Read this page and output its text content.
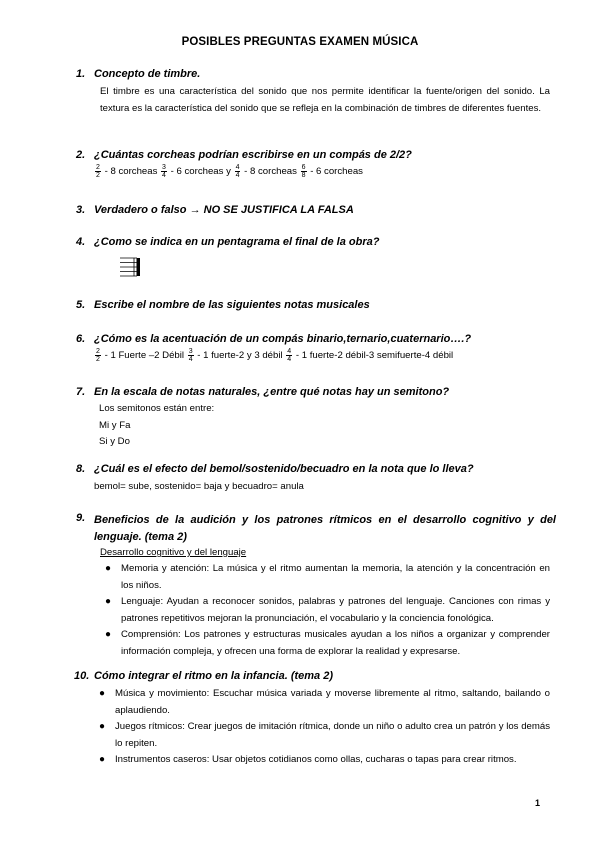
POSIBLES PREGUNTAS EXAMEN MÚSICA
1. Concepto de timbre.
El timbre es una característica del sonido que nos permite identificar la fuente/origen del sonido. La textura es la característica del sonido que se refleja en la combinación de timbres de diferentes fuentes.
2. ¿Cuántas corcheas podrían escribirse en un compás de 2/2?
$\frac{2}{2} - 8$ corcheas $\frac{3}{4} - 6$ corcheas y $\frac{4}{4} - 8$ corcheas $\frac{6}{8} - 6$ corcheas
3. Verdadero o falso → NO SE JUSTIFICA LA FALSA
4. ¿Como se indica en un pentagrama el final de la obra?
5. Escribe el nombre de las siguientes notas musicales
6. ¿Cómo es la acentuación de un compás binario,ternario,cuaternario….?
$\frac{2}{2} - 1$ Fuerte –2 Débil $\frac{3}{4} - 1$ fuerte-2 y 3 débil $\frac{4}{4} - 1$ fuerte-2 débil-3 semifuerte-4 débil
7. En la escala de notas naturales, ¿entre qué notas hay un semitono?
Los semitonos están entre:
Mi y Fa
Si y Do
8. ¿Cuál es el efecto del bemol/sostenido/becuadro en la nota que lo lleva?
bemol= sube, sostenido= baja y becuadro= anula
9. Beneficios de la audición y los patrones rítmicos en el desarrollo cognitivo y del lenguaje. (tema 2)
Desarrollo cognitivo y del lenguaje
● Memoria y atención: La música y el ritmo aumentan la memoria, la atención y la concentración en los niños.
● Lenguaje: Ayudan a reconocer sonidos, palabras y patrones del lenguaje. Canciones con rimas y patrones repetitivos mejoran la pronunciación, el vocabulario y la conciencia fonológica.
● Comprensión: Los patrones y estructuras musicales ayudan a los niños a organizar y comprender información compleja, y ofrecen una forma de explorar la realidad y expresarse.
10. Cómo integrar el ritmo en la infancia. (tema 2)
● Música y movimiento: Escuchar música variada y moverse libremente al ritmo, saltando, bailando o aplaudiendo.
● Juegos rítmicos: Crear juegos de imitación rítmica, donde un niño o adulto crea un patrón y los demás lo repiten.
● Instrumentos caseros: Usar objetos cotidianos como ollas, cucharas o tapas para crear ritmos.
1
